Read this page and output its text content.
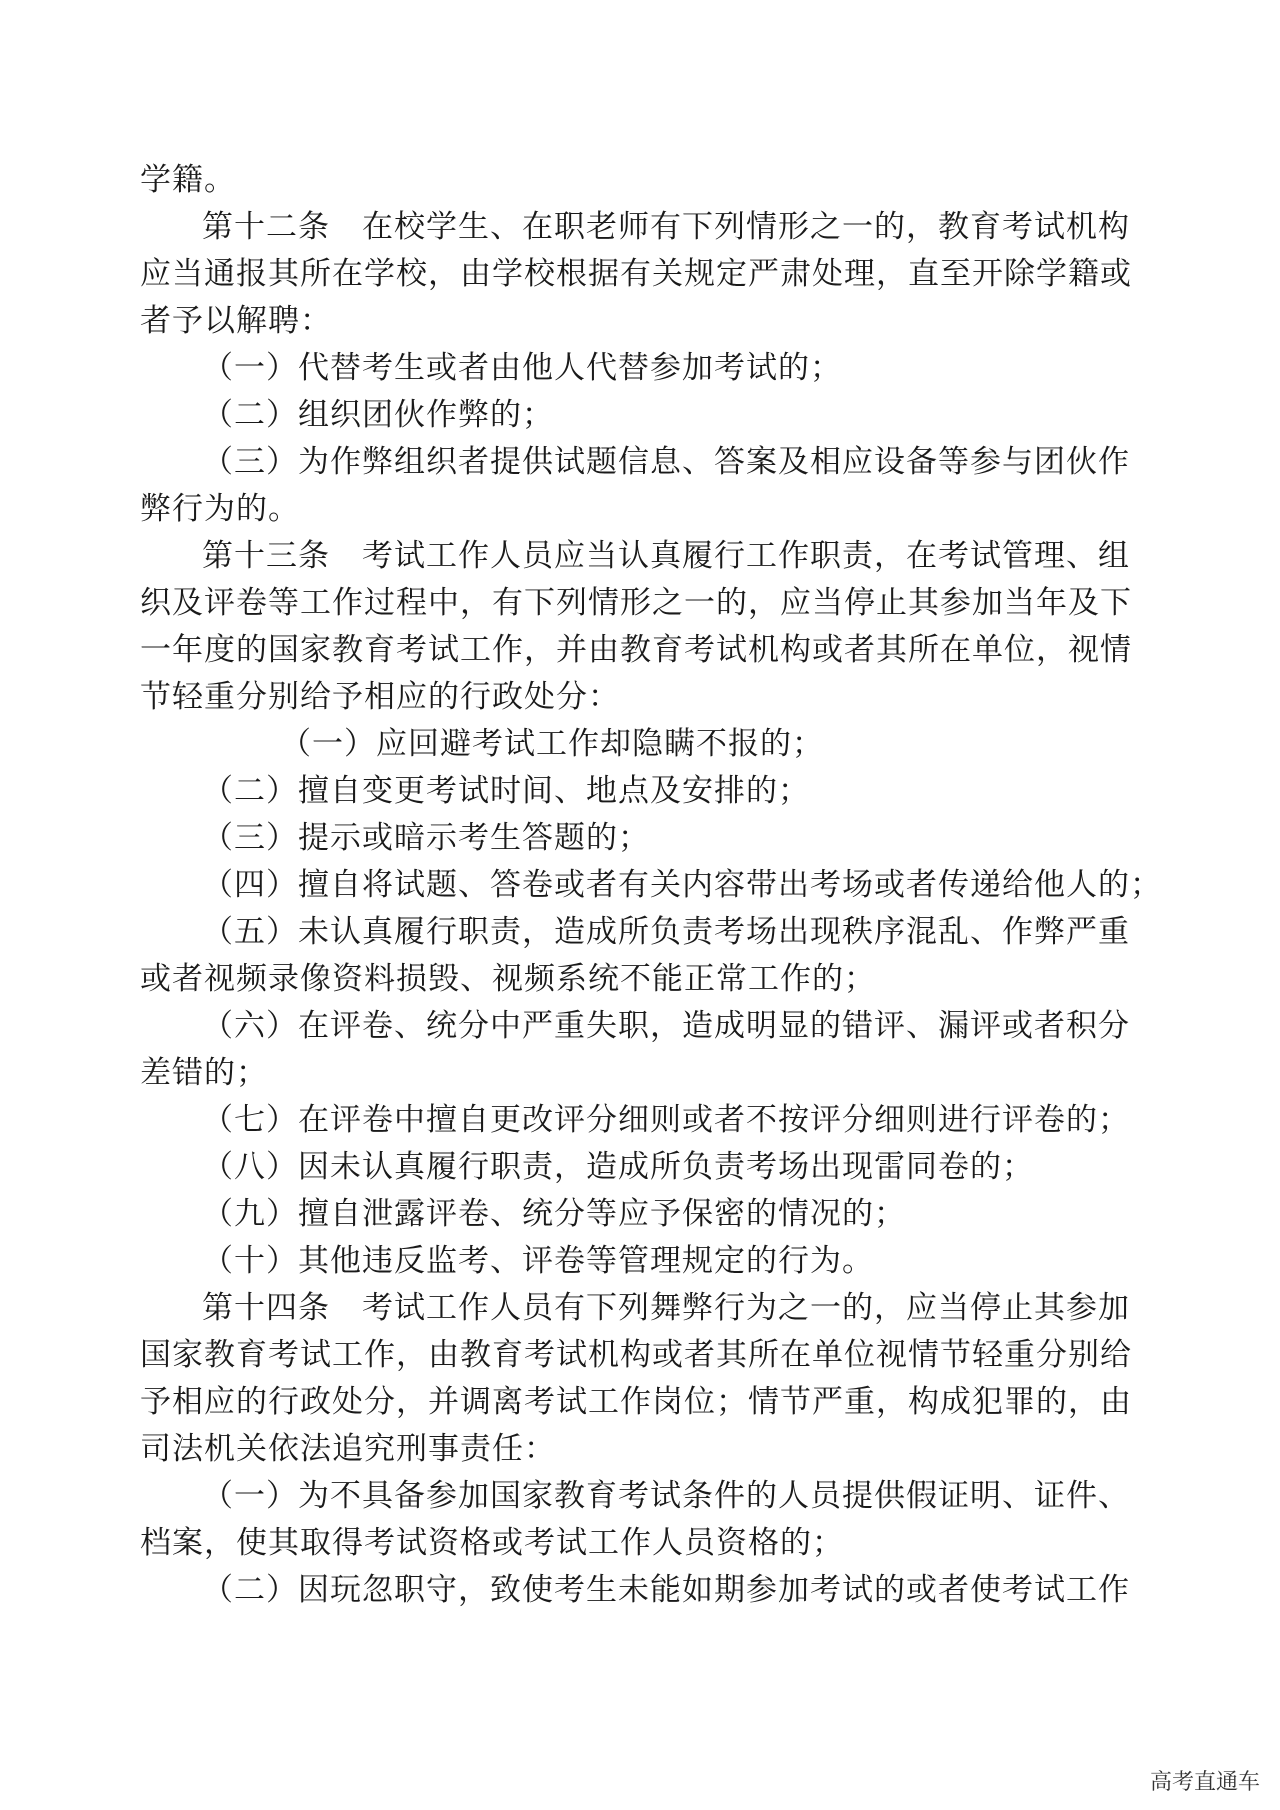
学籍。
第十二条　在校学生、在职老师有下列情形之一的，教育考试机构
应当通报其所在学校，由学校根据有关规定严肃处理，直至开除学籍或
者予以解聘：
（一）代替考生或者由他人代替参加考试的；
（二）组织团伙作弊的；
（三）为作弊组织者提供试题信息、答案及相应设备等参与团伙作
弊行为的。
第十三条　考试工作人员应当认真履行工作职责，在考试管理、组
织及评卷等工作过程中，有下列情形之一的，应当停止其参加当年及下
一年度的国家教育考试工作，并由教育考试机构或者其所在单位，视情
节轻重分别给予相应的行政处分：
（一）应回避考试工作却隐瞒不报的；
（二）擅自变更考试时间、地点及安排的；
（三）提示或暗示考生答题的；
（四）擅自将试题、答卷或者有关内容带出考场或者传递给他人的；
（五）未认真履行职责，造成所负责考场出现秩序混乱、作弊严重
或者视频录像资料损毁、视频系统不能正常工作的；
（六）在评卷、统分中严重失职，造成明显的错评、漏评或者积分
差错的；
（七）在评卷中擅自更改评分细则或者不按评分细则进行评卷的；
（八）因未认真履行职责，造成所负责考场出现雷同卷的；
（九）擅自泄露评卷、统分等应予保密的情况的；
（十）其他违反监考、评卷等管理规定的行为。
第十四条　考试工作人员有下列舞弊行为之一的，应当停止其参加
国家教育考试工作，由教育考试机构或者其所在单位视情节轻重分别给
予相应的行政处分，并调离考试工作岗位；情节严重，构成犯罪的，由
司法机关依法追究刑事责任：
（一）为不具备参加国家教育考试条件的人员提供假证明、证件、
档案，使其取得考试资格或考试工作人员资格的；
（二）因玩忽职守，致使考生未能如期参加考试的或者使考试工作
高考直通车
